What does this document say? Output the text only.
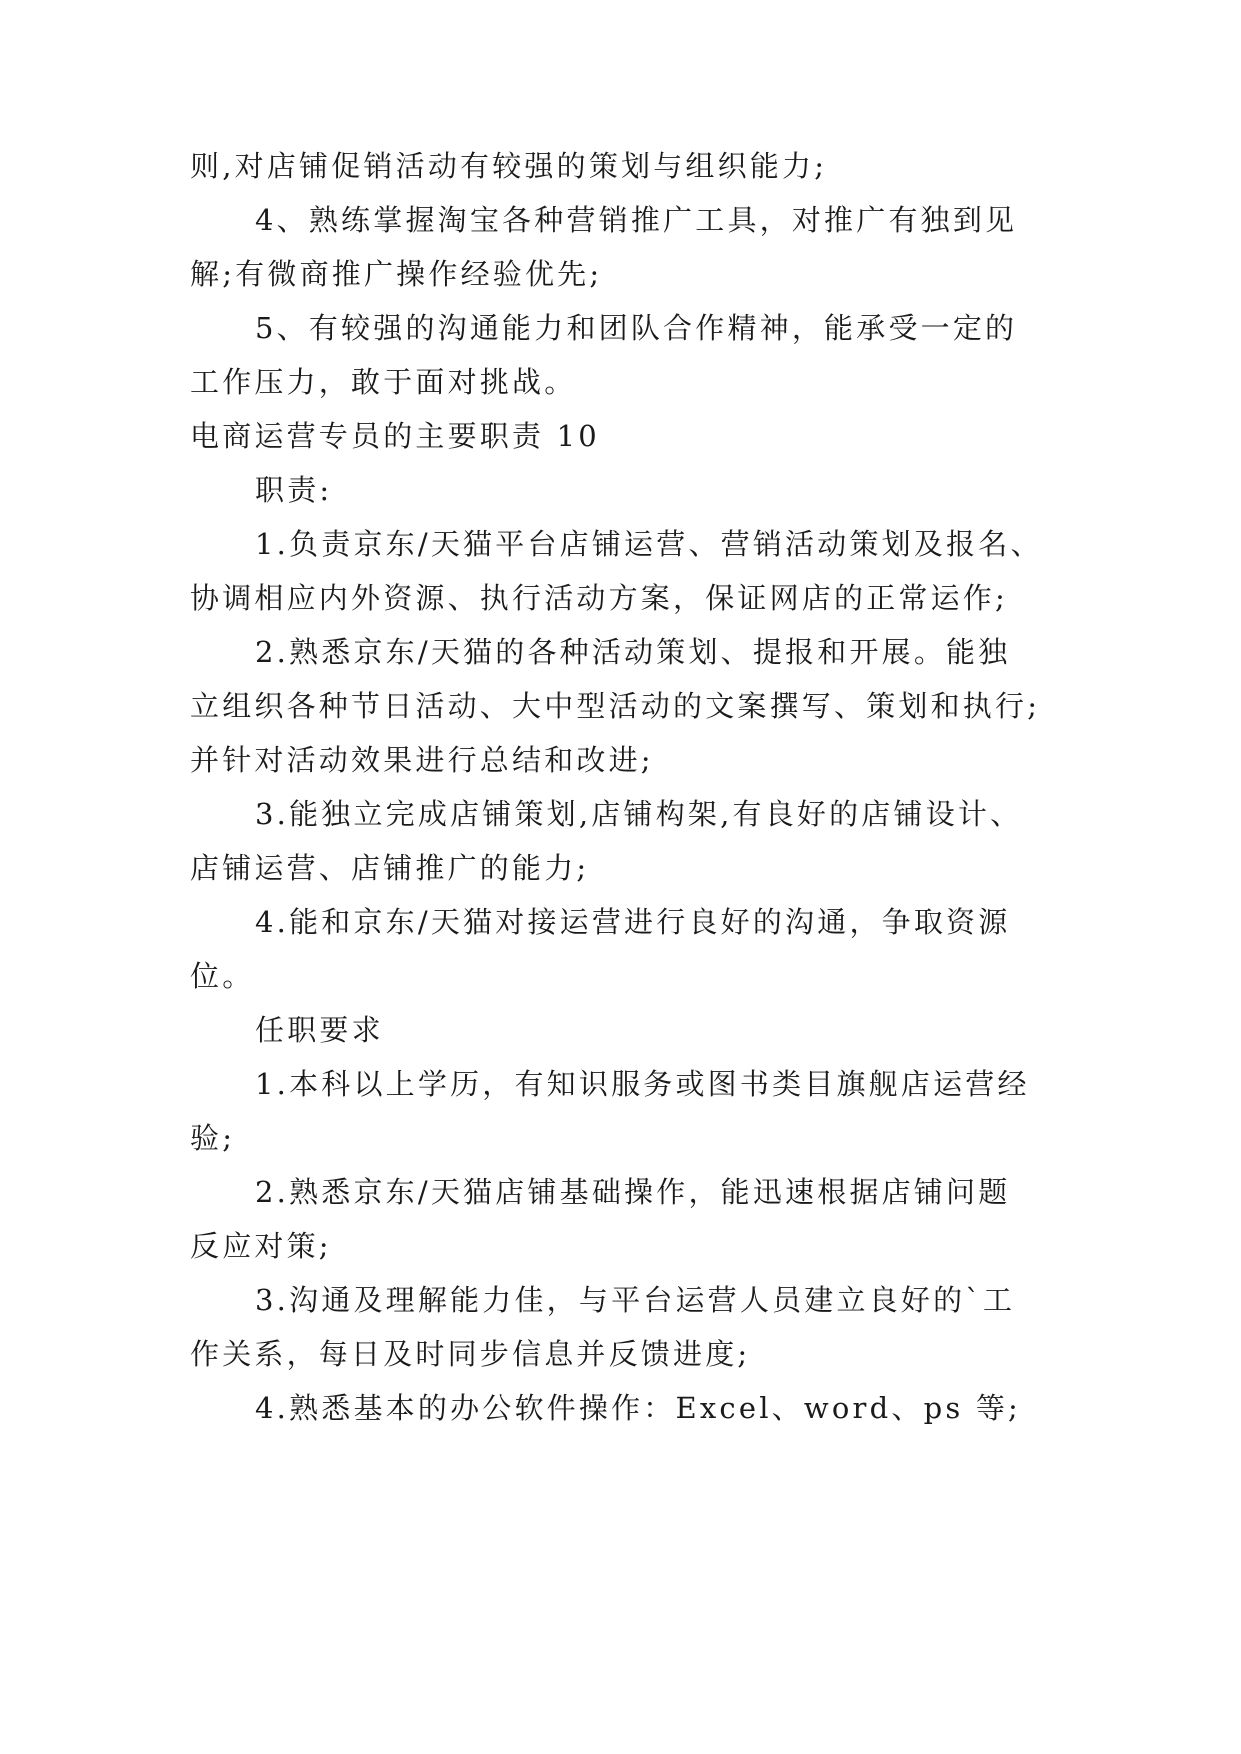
则,对店铺促销活动有较强的策划与组织能力;
4、熟练掌握淘宝各种营销推广工具，对推广有独到见
解;有微商推广操作经验优先;
5、有较强的沟通能力和团队合作精神，能承受一定的
工作压力，敢于面对挑战。
电商运营专员的主要职责 10
职责:
1.负责京东/天猫平台店铺运营、营销活动策划及报名、
协调相应内外资源、执行活动方案，保证网店的正常运作;
2.熟悉京东/天猫的各种活动策划、提报和开展。能独
立组织各种节日活动、大中型活动的文案撰写、策划和执行;
并针对活动效果进行总结和改进;
3.能独立完成店铺策划,店铺构架,有良好的店铺设计、
店铺运营、店铺推广的能力;
4.能和京东/天猫对接运营进行良好的沟通，争取资源
位。
任职要求
1.本科以上学历，有知识服务或图书类目旗舰店运营经
验;
2.熟悉京东/天猫店铺基础操作，能迅速根据店铺问题
反应对策;
3.沟通及理解能力佳，与平台运营人员建立良好的`工
作关系，每日及时同步信息并反馈进度;
4.熟悉基本的办公软件操作：Excel、word、ps 等;
